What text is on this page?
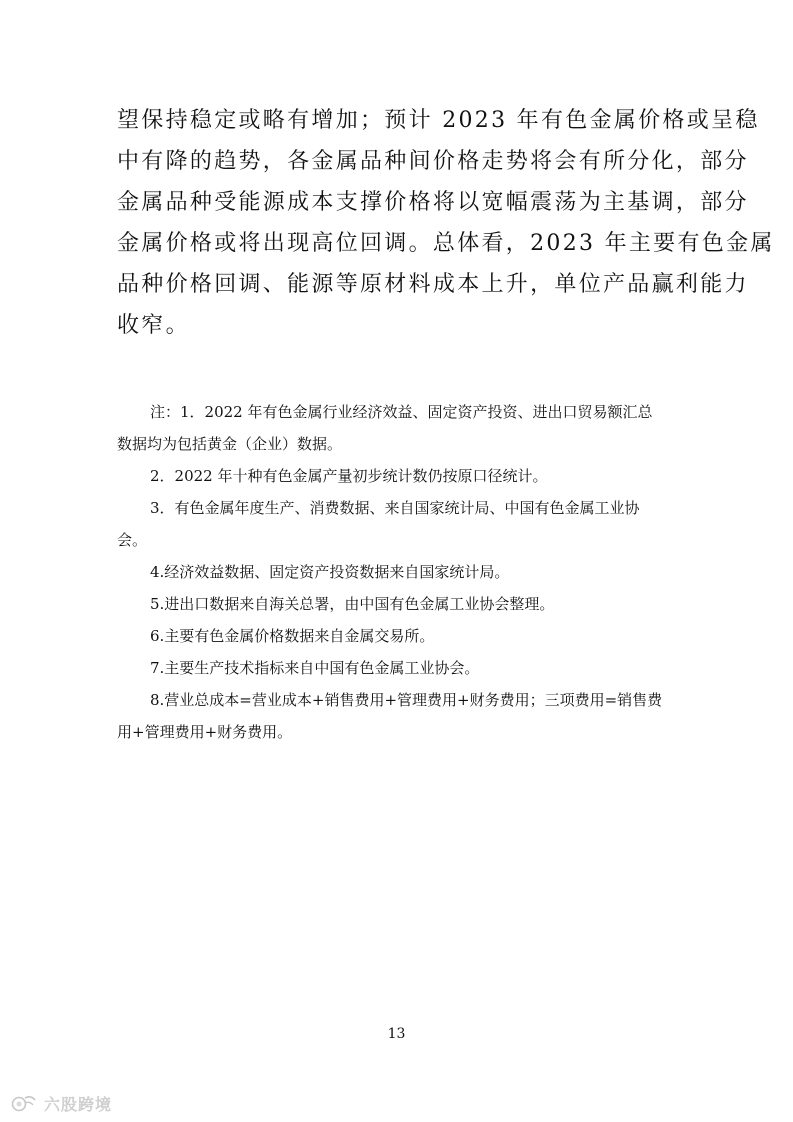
望保持稳定或略有增加；预计 2023 年有色金属价格或呈稳
中有降的趋势，各金属品种间价格走势将会有所分化，部分
金属品种受能源成本支撑价格将以宽幅震荡为主基调，部分
金属价格或将出现高位回调。总体看，2023 年主要有色金属
品种价格回调、能源等原材料成本上升，单位产品赢利能力
收窄。
注：1．2022 年有色金属行业经济效益、固定资产投资、进出口贸易额汇总
数据均为包括黄金（企业）数据。
2．2022 年十种有色金属产量初步统计数仍按原口径统计。
3．有色金属年度生产、消费数据、来自国家统计局、中国有色金属工业协
会。
4.经济效益数据、固定资产投资数据来自国家统计局。
5.进出口数据来自海关总署，由中国有色金属工业协会整理。
6.主要有色金属价格数据来自金属交易所。
7.主要生产技术指标来自中国有色金属工业协会。
8.营业总成本=营业成本+销售费用+管理费用+财务费用；三项费用=销售费
用+管理费用+财务费用。
13
六股跨境
